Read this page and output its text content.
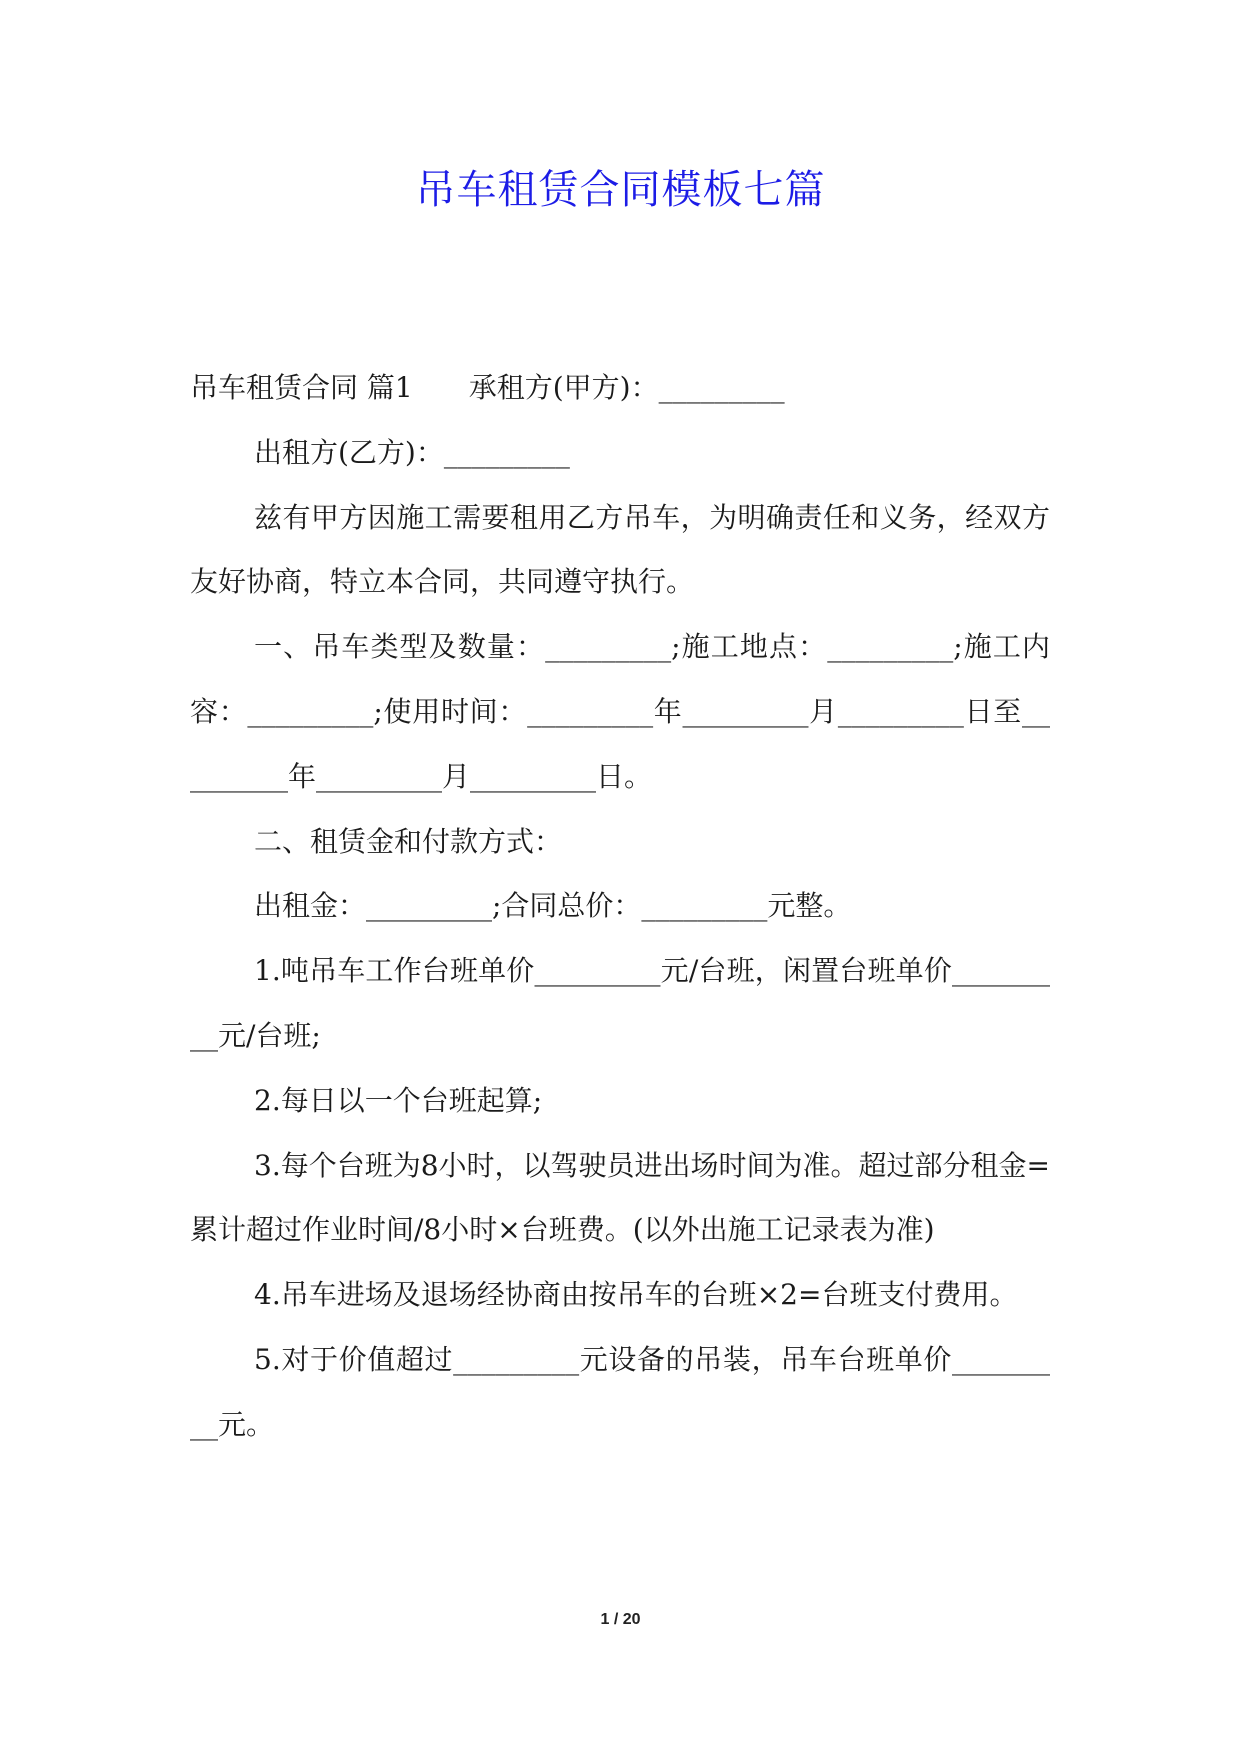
吊车租赁合同模板七篇

吊车租赁合同 篇1 承租方(甲方)：_________

出租方(乙方)：_________

兹有甲方因施工需要租用乙方吊车，为明确责任和义务，经双方友好协商，特立本合同，共同遵守执行。

一、吊车类型及数量：_________;施工地点：_________;施工内容：_________;使用时间：_________年_________月_________日至_________年_________月_________日。

二、租赁金和付款方式：

出租金：_________;合同总价：_________元整。

1.吨吊车工作台班单价_________元/台班，闲置台班单价_________元/台班;

2.每日以一个台班起算;

3.每个台班为8小时，以驾驶员进出场时间为准。超过部分租金=累计超过作业时间/8小时×台班费。(以外出施工记录表为准)

4.吊车进场及退场经协商由按吊车的台班×2=台班支付费用。

5.对于价值超过_________元设备的吊装，吊车台班单价_________元。

1 / 20
